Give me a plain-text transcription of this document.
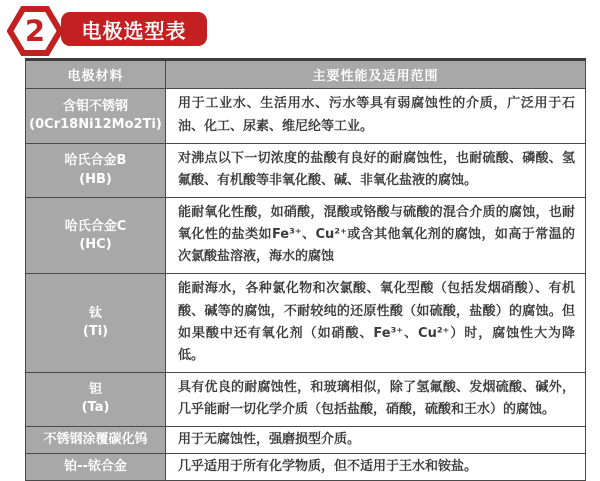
2	电极选型表
电极材料	主要性能及适用范围
含钼不锈钢
(0Cr18Ni12Mo2Ti)	用于工业水、生活用水、污水等具有弱腐蚀性的介质，广泛用于石油、化工、尿素、维尼纶等工业。
哈氏合金B
(HB)	对沸点以下一切浓度的盐酸有良好的耐腐蚀性，也耐硫酸、磷酸、氢氟酸、有机酸等非氧化酸、碱、非氧化盐液的腐蚀。
哈氏合金C
(HC)	能耐氧化性酸，如硝酸，混酸或铬酸与硫酸的混合介质的腐蚀，也耐氧化性的盐类如Fe³⁺、Cu²⁺或含其他氧化剂的腐蚀，如高于常温的次氯酸盐溶液，海水的腐蚀
钛
(Ti)	能耐海水，各种氯化物和次氯酸、氧化型酸（包括发烟硝酸）、有机酸、碱等的腐蚀，不耐较纯的还原性酸（如硫酸，盐酸）的腐蚀。但如果酸中还有氧化剂（如硝酸、Fe³⁺、Cu²⁺）时，腐蚀性大为降低。
钽
(Ta)	具有优良的耐腐蚀性，和玻璃相似，除了氢氟酸、发烟硫酸、碱外，几乎能耐一切化学介质（包括盐酸，硝酸，硫酸和王水）的腐蚀。
不锈钢涂覆碳化钨	用于无腐蚀性，强磨损型介质。
铂--铱合金	几乎适用于所有化学物质，但不适用于王水和铵盐。
